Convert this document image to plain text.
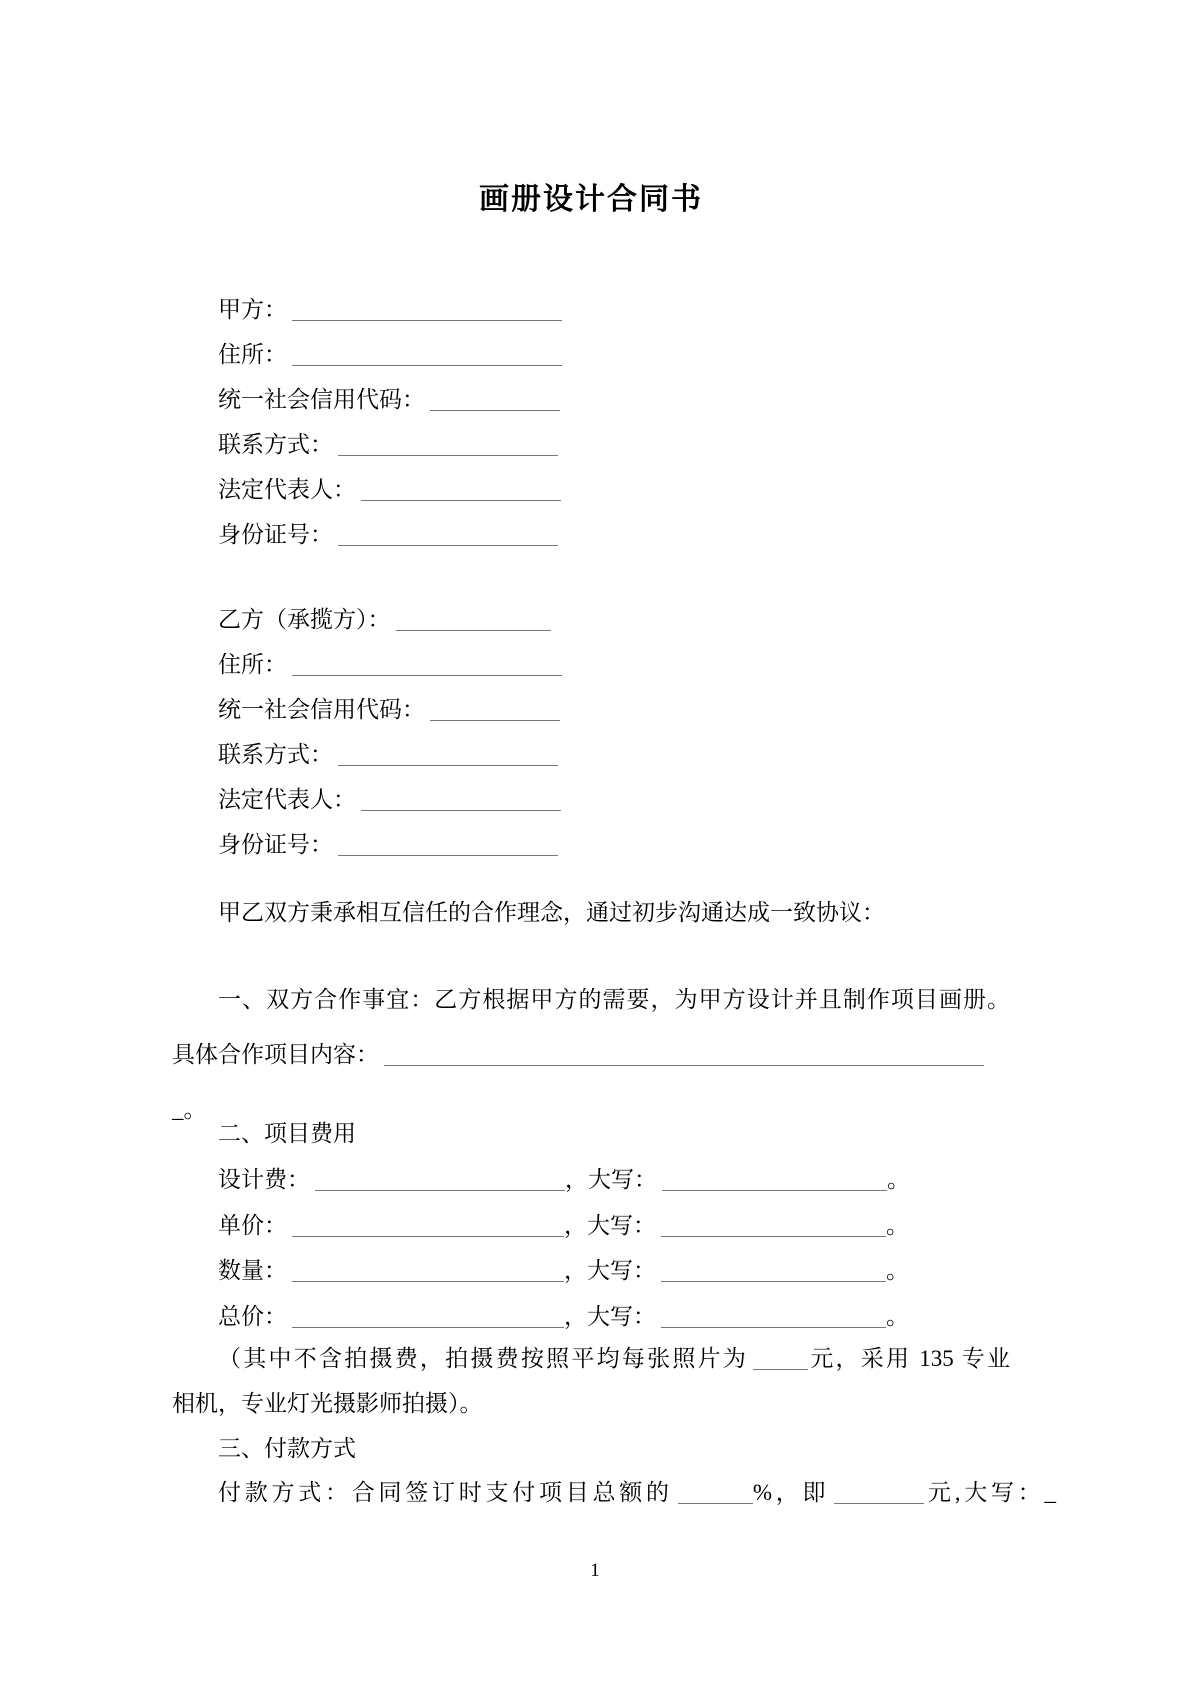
画册设计合同书
甲方：
住所：
统一社会信用代码：
联系方式：
法定代表人：
身份证号：
乙方（承揽方）：
住所：
统一社会信用代码：
联系方式：
法定代表人：
身份证号：
甲乙双方秉承相互信任的合作理念，通过初步沟通达成一致协议：
一、双方合作事宜：乙方根据甲方的需要，为甲方设计并且制作项目画册。
具体合作项目内容：
_。
二、项目费用
设计费：	，大写：	。
单价：	，大写：	。
数量：	，大写：	。
总价：	，大写：	。
（其中不含拍摄费，拍摄费按照平均每张照片为	元，采用 135 专业
相机，专业灯光摄影师拍摄）。
三、付款方式
付款方式：合同签订时支付项目总额的	%，即	元,大写：_
1
